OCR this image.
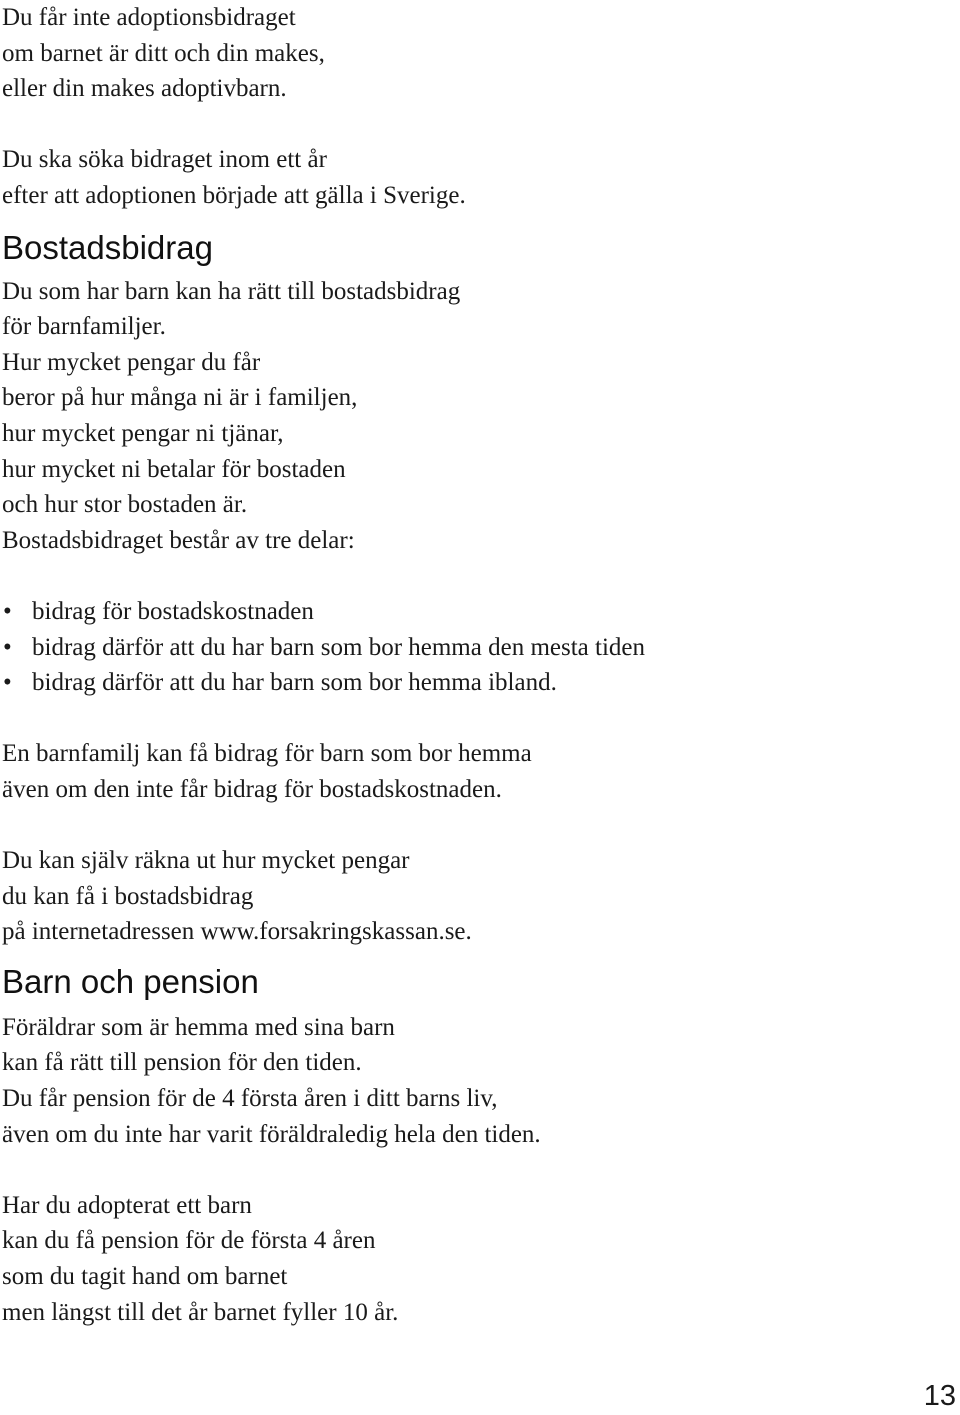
Du får inte adoptionsbidraget
om barnet är ditt och din makes,
eller din makes adoptivbarn.
Du ska söka bidraget inom ett år
efter att adoptionen började att gälla i Sverige.
Bostadsbidrag
Du som har barn kan ha rätt till bostadsbidrag
för barnfamiljer.
Hur mycket pengar du får
beror på hur många ni är i familjen,
hur mycket pengar ni tjänar,
hur mycket ni betalar för bostaden
och hur stor bostaden är.
Bostadsbidraget består av tre delar:
• bidrag för bostadskostnaden
• bidrag därför att du har barn som bor hemma den mesta tiden
• bidrag därför att du har barn som bor hemma ibland.
En barnfamilj kan få bidrag för barn som bor hemma
även om den inte får bidrag för bostadskostnaden.
Du kan själv räkna ut hur mycket pengar
du kan få i bostadsbidrag
på internetadressen www.forsakringskassan.se.
Barn och pension
Föräldrar som är hemma med sina barn
kan få rätt till pension för den tiden.
Du får pension för de 4 första åren i ditt barns liv,
även om du inte har varit föräldraledig hela den tiden.
Har du adopterat ett barn
kan du få pension för de första 4 åren
som du tagit hand om barnet
men längst till det år barnet fyller 10 år.
13
